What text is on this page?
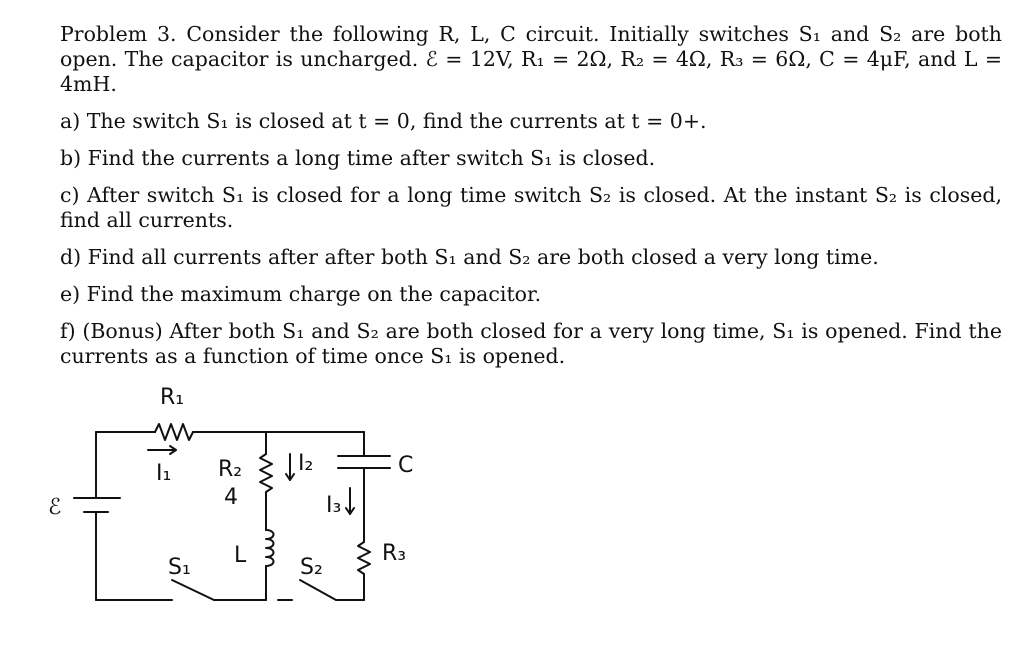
Problem 3. Consider the following R, L, C circuit. Initially switches S₁ and S₂ are both open. The capacitor is uncharged. ℰ = 12V, R₁ = 2Ω, R₂ = 4Ω, R₃ = 6Ω, C = 4μF, and L = 4mH.

a) The switch S₁ is closed at t = 0, find the currents at t = 0+.

b) Find the currents a long time after switch S₁ is closed.

c) After switch S₁ is closed for a long time switch S₂ is closed. At the instant S₂ is closed, find all currents.

d) Find all currents after after both S₁ and S₂ are both closed a very long time.

e) Find the maximum charge on the capacitor.

f) (Bonus) After both S₁ and S₂ are both closed for a very long time, S₁ is opened. Find the currents as a function of time once S₁ is opened.

R₁
I₁ R₂
4
I₂	C
I₃
ℰ
L
S₁	S₂
R₃
